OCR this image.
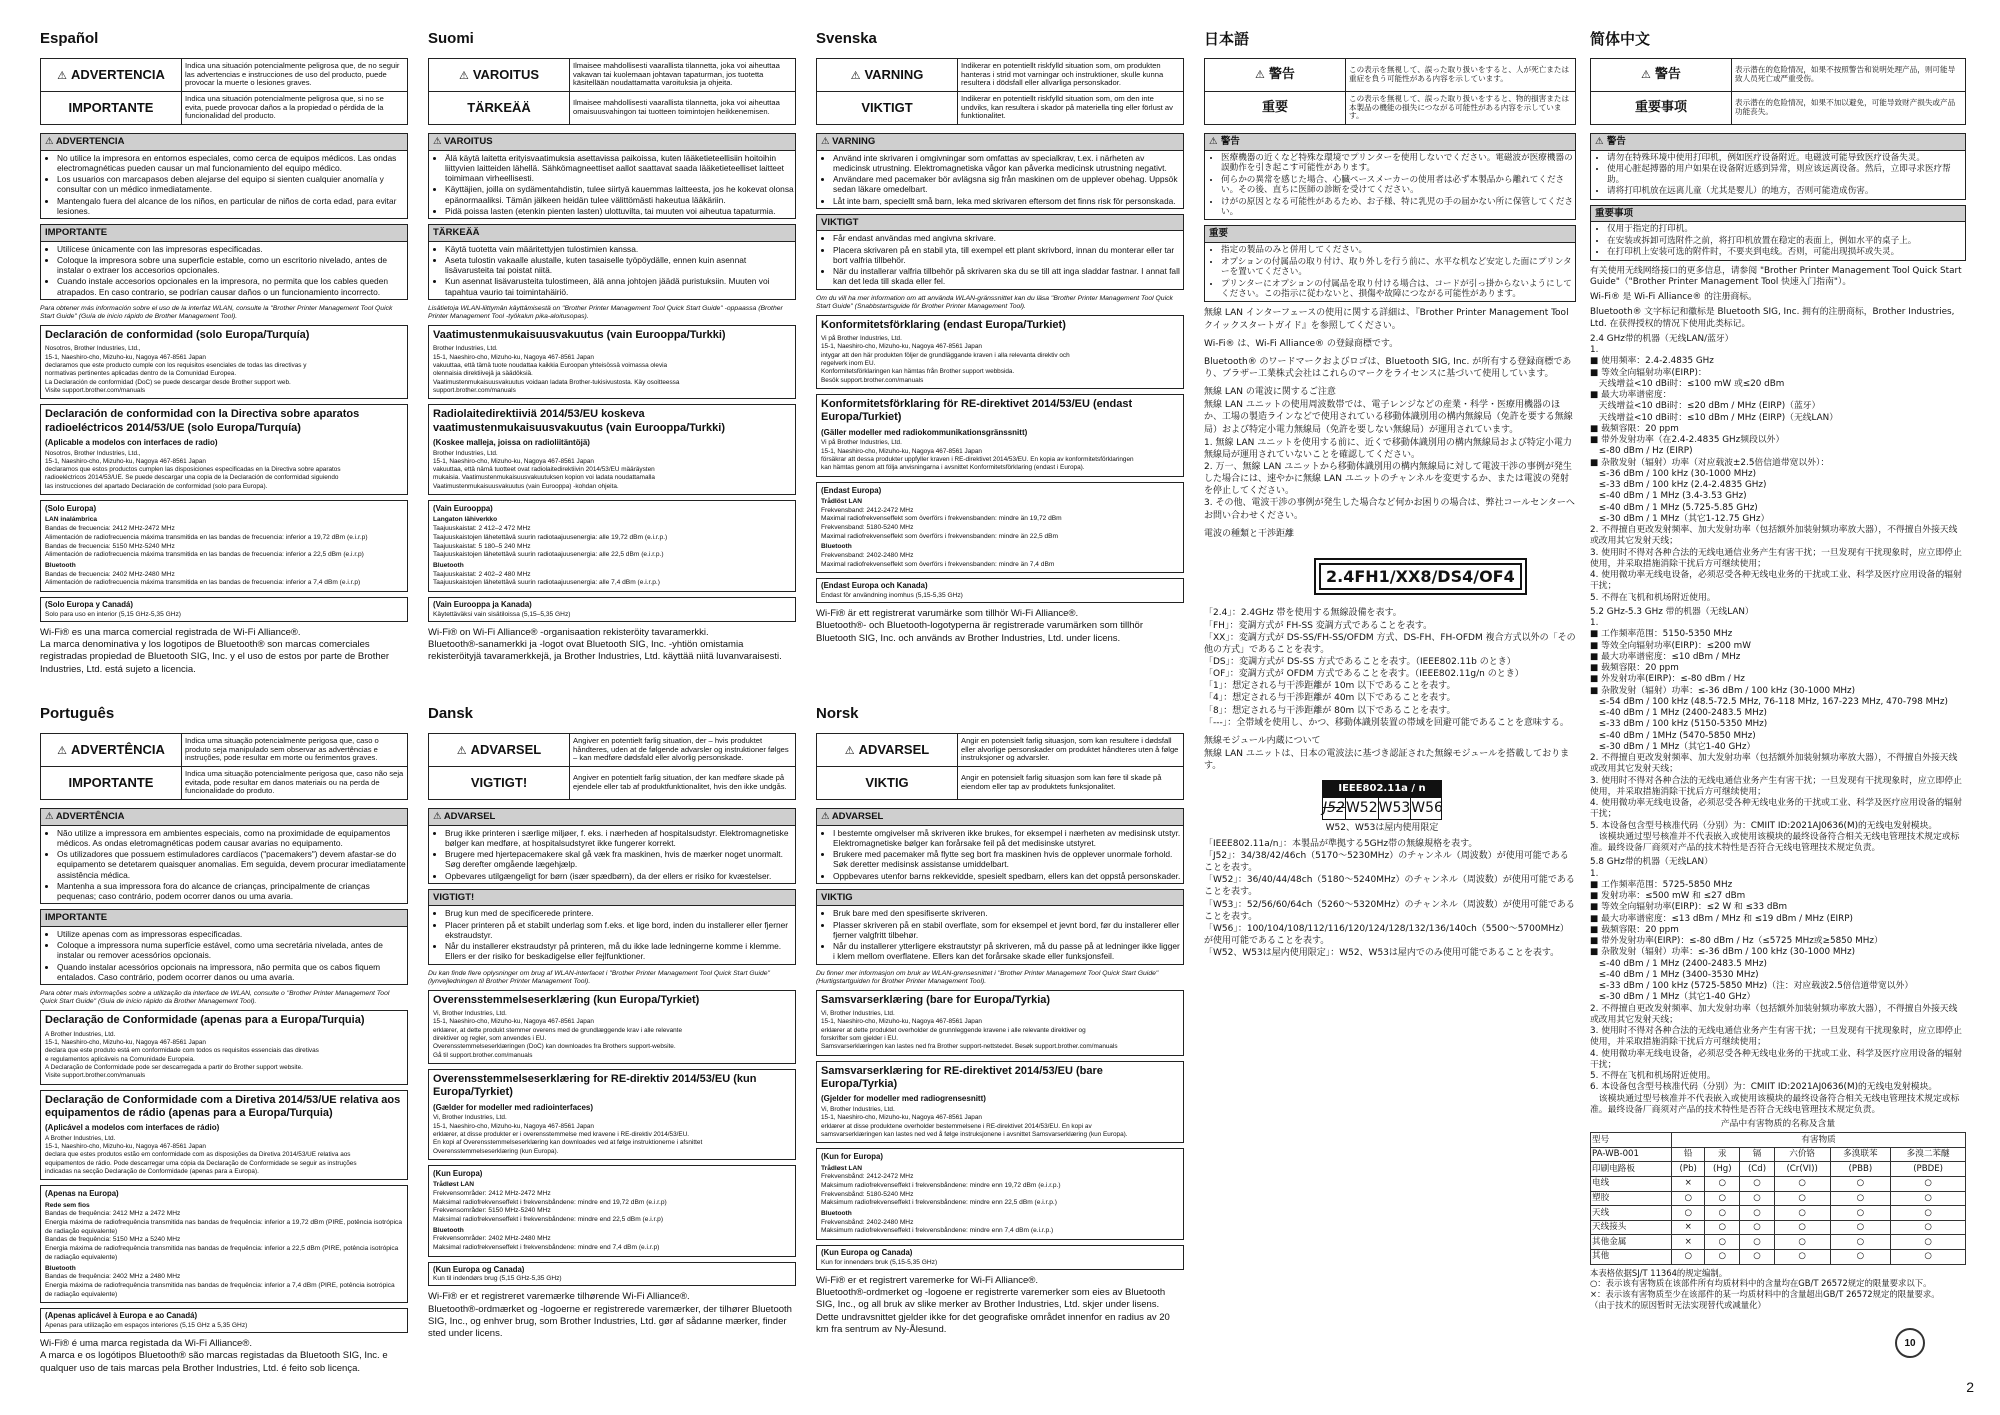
Español
⚠ ADVERTENCIA	Indica una situación potencialmente peligrosa que, de no seguir las advertencias e instrucciones de uso del producto, puede provocar la muerte o lesiones graves.
IMPORTANTE	Indica una situación potencialmente peligrosa que, si no se evita, puede provocar daños a la propiedad o pérdida de la funcionalidad del producto.
⚠ ADVERTENCIA
• No utilice la impresora en entornos especiales, como cerca de equipos médicos. Las ondas electromagnéticas pueden causar un mal funcionamiento del equipo médico.
• Los usuarios con marcapasos deben alejarse del equipo si sienten cualquier anomalía y consultar con un médico inmediatamente.
• Mantengalo fuera del alcance de los niños, en particular de niños de corta edad, para evitar lesiones.
IMPORTANTE
• Utilícese únicamente con las impresoras especificadas.
• Coloque la impresora sobre una superficie estable, como un escritorio nivelado, antes de instalar o extraer los accesorios opcionales.
• Cuando instale accesorios opcionales en la impresora, no permita que los cables queden atrapados. En caso contrario, se podrían causar daños o un funcionamiento incorrecto.
Para obtener más información sobre el uso de la interfaz WLAN, consulte la "Brother Printer Management Tool Quick Start Guide" (Guía de inicio rápido de Brother Management Tool).
Declaración de conformidad (solo Europa/Turquía)
Nosotros, Brother Industries, Ltd.,
15-1, Naeshiro-cho, Mizuho-ku, Nagoya 467-8561 Japan
declaramos que este producto cumple con los requisitos esenciales de todas las directivas y
normativas pertinentes aplicadas dentro de la Comunidad Europea.
La Declaración de conformidad (DoC) se puede descargar desde Brother support web.
Visite support.brother.com/manuals
Declaración de conformidad con la Directiva sobre aparatos radioeléctricos 2014/53/UE (solo Europa/Turquía)
(Aplicable a modelos con interfaces de radio)
Nosotros, Brother Industries, Ltd.,
15-1, Naeshiro-cho, Mizuho-ku, Nagoya 467-8561 Japan
declaramos que estos productos cumplen las disposiciones especificadas en la Directiva sobre aparatos
radioeléctricos 2014/53/UE. Se puede descargar una copia de la Declaración de conformidad siguiendo
las instrucciones del apartado Declaración de conformidad (solo para Europa).
(Solo Europa)
LAN inalámbrica
Bandas de frecuencia: 2412 MHz-2472 MHz
Alimentación de radiofrecuencia máxima transmitida en las bandas de frecuencia: inferior a 19,72 dBm (e.i.r.p)
Bandas de frecuencia: 5150 MHz-5240 MHz
Alimentación de radiofrecuencia máxima transmitida en las bandas de frecuencia: inferior a 22,5 dBm (e.i.r.p)
Bluetooth
Bandas de frecuencia: 2402 MHz-2480 MHz
Alimentación de radiofrecuencia máxima transmitida en las bandas de frecuencia: inferior a 7,4 dBm (e.i.r.p)
(Solo Europa y Canadá)
Solo para uso en interior (5,15 GHz-5,35 GHz)
Wi-Fi® es una marca comercial registrada de Wi-Fi Alliance®.
La marca denominativa y los logotipos de Bluetooth® son marcas comerciales registradas propiedad de Bluetooth SIG, Inc. y el uso de estos por parte de Brother Industries, Ltd. está sujeto a licencia.
Suomi
⚠ VAROITUS	Ilmaisee mahdollisesti vaarallista tilannetta, joka voi aiheuttaa vakavan tai kuolemaan johtavan tapaturman, jos tuotetta käsitellään noudattamatta varoituksia ja ohjeita.
TÄRKEÄÄ	Ilmaisee mahdollisesti vaarallista tilannetta, joka voi aiheuttaa omaisuusvahingon tai tuotteen toimintojen heikkenemisen.
⚠ VAROITUS
• Älä käytä laitetta erityisvaatimuksia asettavissa paikoissa, kuten lääketieteellisiin hoitoihin liittyvien laitteiden lähellä. Sähkömagneettiset aallot saattavat saada lääketieteelliset laitteet toimimaan virheellisesti.
• Käyttäjien, joilla on sydämentahdistin, tulee siirtyä kauemmas laitteesta, jos he kokevat olonsa epänormaaliksi. Tämän jälkeen heidän tulee välittömästi hakeutua lääkäriin.
• Pidä poissa lasten (etenkin pienten lasten) ulottuvilta, tai muuten voi aiheutua tapaturmia.
TÄRKEÄÄ
• Käytä tuotetta vain määritettyjen tulostimien kanssa.
• Aseta tulostin vakaalle alustalle, kuten tasaiselle työpöydälle, ennen kuin asennat lisävarusteita tai poistat niitä.
• Kun asennat lisävarusteita tulostimeen, älä anna johtojen jäädä puristuksiin. Muuten voi tapahtua vaurio tai toimintahäiriö.
Lisätietoja WLAN-liittymän käyttämisestä on "Brother Printer Management Tool Quick Start Guide" -oppaassa (Brother Printer Management Tool -työkalun pika-aloitusopas).
Vaatimustenmukaisuusvakuutus (vain Eurooppa/Turkki)
Brother Industries, Ltd.
15-1, Naeshiro-cho, Mizuho-ku, Nagoya 467-8561 Japan
vakuuttaa, että tämä tuote noudattaa kaikkia Euroopan yhteisössä voimassa olevia
olennaisia direktiivejä ja säädöksiä.
Vaatimustenmukaisuusvakuutus voidaan ladata Brother-tukisivustosta. Käy osoitteessa
support.brother.com/manuals
Radiolaitedirektiiviä 2014/53/EU koskeva vaatimustenmukaisuusvakuutus (vain Eurooppa/Turkki)
(Koskee malleja, joissa on radioliitäntöjä)
Brother Industries, Ltd.
15-1, Naeshiro-cho, Mizuho-ku, Nagoya 467-8561 Japan
vakuuttaa, että nämä tuotteet ovat radiolaitedirektiivin 2014/53/EU määräysten
mukaisia. Vaatimustenmukaisuusvakuutuksen kopion voi ladata noudattamalla
Vaatimustenmukaisuusvakuutus (vain Eurooppa) -kohdan ohjeita.
(Vain Eurooppa)
Langaton lähiverkko
Taajuuskaistat: 2 412–2 472 MHz
Taajuuskaistojen lähetettävä suurin radiotaajuusenergia: alle 19,72 dBm (e.i.r.p.)
Taajuuskaistat: 5 180–5 240 MHz
Taajuuskaistojen lähetettävä suurin radiotaajuusenergia: alle 22,5 dBm (e.i.r.p.)
Bluetooth
Taajuuskaistat: 2 402–2 480 MHz
Taajuuskaistojen lähetettävä suurin radiotaajuusenergia: alle 7,4 dBm (e.i.r.p.)
(Vain Eurooppa ja Kanada)
Käytettäväksi vain sisätiloissa (5,15–5,35 GHz)
Wi-Fi® on Wi-Fi Alliance® -organisaation rekisteröity tavaramerkki.
Bluetooth®-sanamerkki ja -logot ovat Bluetooth SIG, Inc. -yhtiön omistamia rekisteröityjä tavaramerkkejä, ja Brother Industries, Ltd. käyttää niitä luvanvaraisesti.
Svenska
⚠ VARNING	Indikerar en potentiellt riskfylld situation som, om produkten hanteras i strid mot varningar och instruktioner, skulle kunna resultera i dödsfall eller allvarliga personskador.
VIKTIGT	Indikerar en potentiellt riskfylld situation som, om den inte undviks, kan resultera i skador på materiella ting eller förlust av funktionalitet.
⚠ VARNING
• Använd inte skrivaren i omgivningar som omfattas av specialkrav, t.ex. i närheten av medicinsk utrustning. Elektromagnetiska vågor kan påverka medicinsk utrustning negativt.
• Användare med pacemaker bör avlägsna sig från maskinen om de upplever obehag. Uppsök sedan läkare omedelbart.
• Låt inte barn, speciellt små barn, leka med skrivaren eftersom det finns risk för personskada.
VIKTIGT
• Får endast användas med angivna skrivare.
• Placera skrivaren på en stabil yta, till exempel ett plant skrivbord, innan du monterar eller tar bort valfria tillbehör.
• När du installerar valfria tillbehör på skrivaren ska du se till att inga sladdar fastnar. I annat fall kan det leda till skada eller fel.
Om du vill ha mer information om att använda WLAN-gränssnittet kan du läsa "Brother Printer Management Tool Quick Start Guide" (Snabbstartsguide för Brother Printer Management Tool).
Konformitetsförklaring (endast Europa/Turkiet)
Vi på Brother Industries, Ltd.
15-1, Naeshiro-cho, Mizuho-ku, Nagoya 467-8561 Japan
intygar att den här produkten följer de grundläggande kraven i alla relevanta direktiv och
regelverk inom EU.
Konformitetsförklaringen kan hämtas från Brother support webbsida.
Besök support.brother.com/manuals
Konformitetsförklaring för RE-direktivet 2014/53/EU (endast Europa/Turkiet)
(Gäller modeller med radiokommunikationsgränssnitt)
Vi på Brother Industries, Ltd.
15-1, Naeshiro-cho, Mizuho-ku, Nagoya 467-8561 Japan
försäkrar att dessa produkter uppfyller kraven i RE-direktivet 2014/53/EU. En kopia av konformitetsförklaringen
kan hämtas genom att följa anvisningarna i avsnittet Konformitetsförklaring (endast i Europa).
(Endast Europa)
Trådlöst LAN
Frekvensband: 2412-2472 MHz
Maximal radiofrekvenseffekt som överförs i frekvensbanden: mindre än 19,72 dBm
Frekvensband: 5180-5240 MHz
Maximal radiofrekvenseffekt som överförs i frekvensbanden: mindre än 22,5 dBm
Bluetooth
Frekvensband: 2402-2480 MHz
Maximal radiofrekvenseffekt som överförs i frekvensbanden: mindre än 7,4 dBm
(Endast Europa och Kanada)
Endast för användning inomhus (5,15-5,35 GHz)
Wi-Fi® är ett registrerat varumärke som tillhör Wi-Fi Alliance®.
Bluetooth®- och Bluetooth-logotyperna är registrerade varumärken som tillhör Bluetooth SIG, Inc. och används av Brother Industries, Ltd. under licens.
Português
⚠ ADVERTÊNCIA	Indica uma situação potencialmente perigosa que, caso o produto seja manipulado sem observar as advertências e instruções, pode resultar em morte ou ferimentos graves.
IMPORTANTE	Indica uma situação potencialmente perigosa que, caso não seja evitada, pode resultar em danos materiais ou na perda de funcionalidade do produto.
⚠ ADVERTÊNCIA
• Não utilize a impressora em ambientes especiais, como na proximidade de equipamentos médicos. As ondas eletromagnéticas podem causar avarias no equipamento.
• Os utilizadores que possuem estimuladores cardíacos ("pacemakers") devem afastar-se do equipamento se detetarem quaisquer anomalias. Em seguida, devem procurar imediatamente assistência médica.
• Mantenha a sua impressora fora do alcance de crianças, principalmente de crianças pequenas; caso contrário, podem ocorrer danos ou uma avaria.
IMPORTANTE
• Utilize apenas com as impressoras especificadas.
• Coloque a impressora numa superfície estável, como uma secretária nivelada, antes de instalar ou remover acessórios opcionais.
• Quando instalar acessórios opcionais na impressora, não permita que os cabos fiquem entalados. Caso contrário, podem ocorrer danos ou uma avaria.
Para obter mais informações sobre a utilização da interface de WLAN, consulte o "Brother Printer Management Tool Quick Start Guide" (Guia de início rápido da Brother Management Tool).
Declaração de Conformidade (apenas para a Europa/Turquia)
A Brother Industries, Ltd.
15-1, Naeshiro-cho, Mizuho-ku, Nagoya 467-8561 Japan
declara que este produto está em conformidade com todos os requisitos essenciais das diretivas
e regulamentos aplicáveis na Comunidade Europeia.
A Declaração de Conformidade pode ser descarregada a partir do Brother support website.
Visite support.brother.com/manuals
Declaração de Conformidade com a Diretiva 2014/53/UE relativa aos equipamentos de rádio (apenas para a Europa/Turquia)
(Aplicável a modelos com interfaces de rádio)
A Brother Industries, Ltd.
15-1, Naeshiro-cho, Mizuho-ku, Nagoya 467-8561 Japan
declara que estes produtos estão em conformidade com as disposições da Diretiva 2014/53/UE relativa aos
equipamentos de rádio. Pode descarregar uma cópia da Declaração de Conformidade se seguir as instruções
indicadas na secção Declaração de Conformidade (apenas para a Europa).
(Apenas na Europa)
Rede sem fios
Bandas de frequência: 2412 MHz a 2472 MHz
Energia máxima de radiofrequência transmitida nas bandas de frequência: inferior a 19,72 dBm (PIRE, potência isotrópica de radiação equivalente)
Bandas de frequência: 5150 MHz a 5240 MHz
Energia máxima de radiofrequência transmitida nas bandas de frequência: inferior a 22,5 dBm (PIRE, potência isotrópica de radiação equivalente)
Bluetooth
Bandas de frequência: 2402 MHz a 2480 MHz
Energia máxima de radiofrequência transmitida nas bandas de frequência: inferior a 7,4 dBm (PIRE, potência isotrópica de radiação equivalente)
(Apenas aplicável à Europa e ao Canadá)
Apenas para utilização em espaços interiores (5,15 GHz a 5,35 GHz)
Wi-Fi® é uma marca registada da Wi-Fi Alliance®.
A marca e os logótipos Bluetooth® são marcas registadas da Bluetooth SIG, Inc. e qualquer uso de tais marcas pela Brother Industries, Ltd. é feito sob licença.
Dansk
⚠ ADVARSEL	Angiver en potentielt farlig situation, der – hvis produktet håndteres, uden at de følgende advarsler og instruktioner følges – kan medføre dødsfald eller alvorlig personskade.
VIGTIGT!	Angiver en potentielt farlig situation, der kan medføre skade på ejendele eller tab af produktfunktionalitet, hvis den ikke undgås.
⚠ ADVARSEL
• Brug ikke printeren i særlige miljøer, f. eks. i nærheden af hospitalsudstyr. Elektromagnetiske bølger kan medføre, at hospitalsudstyret ikke fungerer korrekt.
• Brugere med hjertepacemakere skal gå væk fra maskinen, hvis de mærker noget unormalt. Søg derefter omgående lægehjælp.
• Opbevares utilgængeligt for børn (især spædbørn), da der ellers er risiko for kvæstelser.
VIGTIGT!
• Brug kun med de specificerede printere.
• Placer printeren på et stabilt underlag som f.eks. et lige bord, inden du installerer eller fjerner ekstraudstyr.
• Når du installerer ekstraudstyr på printeren, må du ikke lade ledningerne komme i klemme. Ellers er der risiko for beskadigelse eller fejlfunktioner.
Du kan finde flere oplysninger om brug af WLAN-interfacet i "Brother Printer Management Tool Quick Start Guide" (lynvejledningen til Brother Printer Management Tool).
Overensstemmelseserklæring (kun Europa/Tyrkiet)
Vi, Brother Industries, Ltd.
15-1, Naeshiro-cho, Mizuho-ku, Nagoya 467-8561 Japan
erklærer, at dette produkt stemmer overens med de grundlæggende krav i alle relevante
direktiver og regler, som anvendes i EU.
Overensstemmelseserklæringen (DoC) kan downloades fra Brothers support-website.
Gå til support.brother.com/manuals
Overensstemmelseserklæring for RE-direktiv 2014/53/EU (kun Europa/Tyrkiet)
(Gælder for modeller med radiointerfaces)
Vi, Brother Industries, Ltd.
15-1, Naeshiro-cho, Mizuho-ku, Nagoya 467-8561 Japan
erklærer, at disse produkter er i overensstemmelse med kravene i RE-direktiv 2014/53/EU.
En kopi af Overensstemmelseserklæring kan downloades ved at følge instruktionerne i afsnittet
Overensstemmelseserklæring (kun Europa).
(Kun Europa)
Trådløst LAN
Frekvensområder: 2412 MHz-2472 MHz
Maksimal radiofrekvenseffekt i frekvensbåndene: mindre end 19,72 dBm (e.i.r.p)
Frekvensområder: 5150 MHz-5240 MHz
Maksimal radiofrekvenseffekt i frekvensbåndene: mindre end 22,5 dBm (e.i.r.p)
Bluetooth
Frekvensområder: 2402 MHz-2480 MHz
Maksimal radiofrekvenseffekt i frekvensbåndene: mindre end 7,4 dBm (e.i.r.p)
(Kun Europa og Canada)
Kun til indendørs brug (5,15 GHz-5,35 GHz)
Wi-Fi® er et registreret varemærke tilhørende Wi-Fi Alliance®.
Bluetooth®-ordmærket og -logoerne er registrerede varemærker, der tilhører Bluetooth SIG, Inc., og enhver brug, som Brother Industries, Ltd. gør af sådanne mærker, finder sted under licens.
Norsk
⚠ ADVARSEL	Angir en potensielt farlig situasjon, som kan resultere i dødsfall eller alvorlige personskader om produktet håndteres uten å følge instruksjoner og advarsler.
VIKTIG	Angir en potensielt farlig situasjon som kan føre til skade på eiendom eller tap av produktets funksjonalitet.
⚠ ADVARSEL
• I bestemte omgivelser må skriveren ikke brukes, for eksempel i nærheten av medisinsk utstyr. Elektromagnetiske bølger kan forårsake feil på det medisinske utstyret.
• Brukere med pacemaker må flytte seg bort fra maskinen hvis de opplever unormale forhold. Søk deretter medisinsk assistanse umiddelbart.
• Oppbevares utenfor barns rekkevidde, spesielt spedbarn, ellers kan det oppstå personskader.
VIKTIG
• Bruk bare med den spesifiserte skriveren.
• Plasser skriveren på en stabil overflate, som for eksempel et jevnt bord, før du installerer eller fjerner valgfritt tilbehør.
• Når du installerer ytterligere ekstrautstyr på skriveren, må du passe på at ledninger ikke ligger i klem mellom overflatene. Ellers kan det forårsake skade eller funksjonsfeil.
Du finner mer informasjon om bruk av WLAN-grensesnittet i "Brother Printer Management Tool Quick Start Guide" (Hurtigstartguiden for Brother Printer Management Tool).
Samsvarserklæring (bare for Europa/Tyrkia)
Vi, Brother Industries, Ltd.
15-1, Naeshiro-cho, Mizuho-ku, Nagoya 467-8561 Japan
erklærer at dette produktet overholder de grunnleggende kravene i alle relevante direktiver og
forskrifter som gjelder i EU.
Samsvarserklæringen kan lastes ned fra Brother support-nettstedet. Besøk support.brother.com/manuals
Samsvarserklæring for RE-direktivet 2014/53/EU (bare Europa/Tyrkia)
(Gjelder for modeller med radiogrensesnitt)
Vi, Brother Industries, Ltd.
15-1, Naeshiro-cho, Mizuho-ku, Nagoya 467-8561 Japan
erklærer at disse produktene overholder bestemmelsene i RE-direktivet 2014/53/EU. En kopi av
samsvarserklæringen kan lastes ned ved å følge instruksjonene i avsnittet Samsvarserklæring (kun Europa).
(Kun for Europa)
Trådløst LAN
Frekvensbånd: 2412-2472 MHz
Maksimum radiofrekvenseffekt i frekvensbåndene: mindre enn 19,72 dBm (e.i.r.p.)
Frekvensbånd: 5180-5240 MHz
Maksimum radiofrekvenseffekt i frekvensbåndene: mindre enn 22,5 dBm (e.i.r.p.)
Bluetooth
Frekvensbånd: 2402-2480 MHz
Maksimum radiofrekvenseffekt i frekvensbåndene: mindre enn 7,4 dBm (e.i.r.p.)
(Kun Europa og Canada)
Kun for innendørs bruk (5,15-5,35 GHz)
Wi-Fi® er et registrert varemerke for Wi-Fi Alliance®.
Bluetooth®-ordmerket og -logoene er registrerte varemerker som eies av Bluetooth SIG, Inc., og all bruk av slike merker av Brother Industries, Ltd. skjer under lisens. Dette undravsnittet gjelder ikke for det geografiske området innenfor en radius av 20 km fra sentrum av Ny-Ålesund.
日本語
⚠ 警告	この表示を無視して、誤った取り扱いをすると、人が死亡または重症を負う可能性がある内容を示しています。
重要	この表示を無視して、誤った取り扱いをすると、物的損害または本製品の機能の損失につながる可能性がある内容を示しています。
⚠ 警告
• 医療機器の近くなど特殊な環境でプリンターを使用しないでください。電磁波が医療機器の誤動作を引き起こす可能性があります。
• 何らかの異常を感じた場合、心臓ペースメーカーの使用者は必ず本製品から離れてください。その後、直ちに医師の診断を受けてください。
• けがの原因となる可能性があるため、お子様、特に乳児の手の届かない所に保管してください。
重要
• 指定の製品のみと併用してください。
• オプションの付属品の取り付け、取り外しを行う前に、水平な机など安定した面にプリンターを置いてください。
• プリンターにオプションの付属品を取り付ける場合は、コードが引っ掛からないようにしてください。この指示に従わないと、損傷や故障につながる可能性があります。

無線 LAN インターフェースの使用に関する詳細は、『Brother Printer Management Tool クイックスタートガイド』を参照してください。

Wi-Fi® は、Wi-Fi Alliance® の登録商標です。

Bluetooth® のワードマークおよびロゴは、Bluetooth SIG, Inc. が所有する登録商標であり、ブラザー工業株式会社はこれらのマークをライセンスに基づいて使用しています。

無線 LAN の電波に関するご注意

無線 LAN ユニットの使用周波数帯では、電子レンジなどの産業・科学・医療用機器のほか、工場の製造ラインなどで使用されている移動体識別用の構内無線局（免許を要する無線局）および特定小電力無線局（免許を要しない無線局）が運用されています。

1. 無線 LAN ユニットを使用する前に、近くで移動体識別用の構内無線局および特定小電力無線局が運用されていないことを確認してください。
2. 万一、無線 LAN ユニットから移動体識別用の構内無線局に対して電波干渉の事例が発生した場合には、速やかに無線 LAN ユニットのチャンネルを変更するか、または電波の発射を停止してください。
3. その他、電波干渉の事例が発生した場合など何かお困りの場合は、弊社コールセンターへお問い合わせください。

電波の種類と干渉距離

2.4FH1/XX8/DS4/OF4
「2.4」：2.4GHz 帯を使用する無線設備を表す。
「FH」：変調方式が FH-SS 変調方式であることを表す。
「XX」：変調方式が DS-SS/FH-SS/OFDM 方式、DS-FH、FH-OFDM 複合方式以外の「その他の方式」であることを表す。
「DS」：変調方式が DS-SS 方式であることを表す。（IEEE802.11b のとき）
「OF」：変調方式が OFDM 方式であることを表す。（IEEE802.11g/n のとき）
「1」：想定される与干渉距離が 10m 以下であることを表す。
「4」：想定される与干渉距離が 40m 以下であることを表す。
「8」：想定される与干渉距離が 80m 以下であることを表す。
「---」：全帯域を使用し、かつ、移動体識別装置の帯域を回避可能であることを意味する。

無線モジュール内蔵について

無線 LAN ユニットは、日本の電波法に基づき認証された無線モジュールを搭載しております。

IEEE802.11a / n
J52 W52 W53 W56
W52、W53は屋内使用限定
「IEEE802.11a/n」：本製品が準拠する5GHz帯の無線規格を表す。
「J52」：34/38/42/46ch（5170〜5230MHz）のチャンネル（周波数）が使用可能であることを表す。
「W52」：36/40/44/48ch（5180〜5240MHz）のチャンネル（周波数）が使用可能であることを表す。
「W53」：52/56/60/64ch（5260〜5320MHz）のチャンネル（周波数）が使用可能であることを表す。
「W56」：100/104/108/112/116/120/124/128/132/136/140ch（5500〜5700MHz）が使用可能であることを表す。
「W52、W53は屋内使用限定」：W52、W53は屋内でのみ使用可能であることを表す。
简体中文
⚠ 警告	表示潜在的危险情况，如果不按照警告和说明处理产品，则可能导致人员死亡或严重受伤。
重要事项	表示潜在的危险情况，如果不加以避免，可能导致财产损失或产品功能丧失。
⚠ 警告
• 请勿在特殊环境中使用打印机，例如医疗设备附近。电磁波可能导致医疗设备失灵。
• 使用心脏起搏器的用户如果在设备附近感到异常，则应该远离设备。然后，立即寻求医疗帮助。
• 请将打印机放在远离儿童（尤其是婴儿）的地方，否则可能造成伤害。
重要事项
• 仅用于指定的打印机。
• 在安装或拆卸可选附件之前，将打印机放置在稳定的表面上，例如水平的桌子上。
• 在打印机上安装可选的附件时，不要夹到电线。否则，可能出现损坏或失灵。
有关使用无线网络接口的更多信息，请参阅 "Brother Printer Management Tool Quick Start Guide"（"Brother Printer Management Tool 快速入门指南"）。
Wi-Fi® 是 Wi-Fi Alliance® 的注册商标。
Bluetooth® 文字标记和徽标是 Bluetooth SIG, Inc. 拥有的注册商标，Brother Industries, Ltd. 在获得授权的情况下使用此类标记。
2.4 GHz带的机器（无线LAN/蓝牙）
1.
■ 使用频率：2.4-2.4835 GHz
■ 等效全向辐射功率(EIRP)：
　天线增益<10 dBi时：≤100 mW 或≤20 dBm
■ 最大功率谱密度：
　天线增益<10 dBi时：≤20 dBm / MHz (EIRP)（蓝牙）
　天线增益<10 dBi时：≤10 dBm / MHz (EIRP)（无线LAN）
■ 载频容限：20 ppm
■ 带外发射功率（在2.4-2.4835 GHz频段以外）
　≤-80 dBm / Hz (EIRP)
■ 杂散发射（辐射）功率（对应载波±2.5倍信道带宽以外）：
　≤-36 dBm / 100 kHz (30-1000 MHz)
　≤-33 dBm / 100 kHz (2.4-2.4835 GHz)
　≤-40 dBm / 1 MHz (3.4-3.53 GHz)
　≤-40 dBm / 1 MHz (5.725-5.85 GHz)
　≤-30 dBm / 1 MHz（其它1-12.75 GHz）
2. 不得擅自更改发射频率、加大发射功率（包括额外加装射频功率放大器），不得擅自外接天线或改用其它发射天线；
3. 使用时不得对各种合法的无线电通信业务产生有害干扰；一旦发现有干扰现象时，应立即停止使用，并采取措施消除干扰后方可继续使用；
4. 使用微功率无线电设备，必须忍受各种无线电业务的干扰或工业、科学及医疗应用设备的辐射干扰；
5. 不得在飞机和机场附近使用。
5.2 GHz-5.3 GHz 带的机器（无线LAN）
1.
■ 工作频率范围：5150-5350 MHz
■ 等效全向辐射功率(EIRP)：≤200 mW
■ 最大功率谱密度：≤10 dBm / MHz
■ 载频容限：20 ppm
■ 外发射功率(EIRP)：≤-80 dBm / Hz
■ 杂散发射（辐射）功率：≤-36 dBm / 100 kHz (30-1000 MHz)
　≤-54 dBm / 100 kHz (48.5-72.5 MHz, 76-118 MHz, 167-223 MHz, 470-798 MHz)
　≤-40 dBm / 1 MHz (2400-2483.5 MHz)
　≤-33 dBm / 100 kHz (5150-5350 MHz)
　≤-40 dBm / 1MHz (5470-5850 MHz)
　≤-30 dBm / 1 MHz（其它1-40 GHz）
2. 不得擅自更改发射频率、加大发射功率（包括额外加装射频功率放大器），不得擅自外接天线或改用其它发射天线；
3. 使用时不得对各种合法的无线电通信业务产生有害干扰；一旦发现有干扰现象时，应立即停止使用，并采取措施消除干扰后方可继续使用；
4. 使用微功率无线电设备，必须忍受各种无线电业务的干扰或工业、科学及医疗应用设备的辐射干扰；
5. 本设备包含型号核准代码（分别）为：CMIIT ID:2021AJ0636(M)的无线电发射模块。
　该模块通过型号核准并不代表嵌入或使用该模块的最终设备符合相关无线电管理技术规定或标准。最终设备厂商须对产品的技术特性是否符合无线电管理技术规定负责。
5.8 GHz带的机器（无线LAN）
1.
■ 工作频率范围：5725-5850 MHz
■ 发射功率：≤500 mW 和 ≤27 dBm
■ 等效全向辐射功率(EIRP)：≤2 W 和 ≤33 dBm
■ 最大功率谱密度：≤13 dBm / MHz 和 ≤19 dBm / MHz (EIRP)
■ 载频容限：20 ppm
■ 带外发射功率(EIRP)：≤-80 dBm / Hz（≤5725 MHz或≥5850 MHz）
■ 杂散发射（辐射）功率：≤-36 dBm / 100 kHz (30-1000 MHz)
　≤-40 dBm / 1 MHz (2400-2483.5 MHz)
　≤-40 dBm / 1 MHz (3400-3530 MHz)
　≤-33 dBm / 100 kHz (5725-5850 MHz)（注：对应载波2.5倍信道带宽以外）
　≤-30 dBm / 1 MHz（其它1-40 GHz）
2. 不得擅自更改发射频率、加大发射功率（包括额外加装射频功率放大器），不得擅自外接天线或改用其它发射天线；
3. 使用时不得对各种合法的无线电通信业务产生有害干扰；一旦发现有干扰现象时，应立即停止使用，并采取措施消除干扰后方可继续使用；
4. 使用微功率无线电设备，必须忍受各种无线电业务的干扰或工业、科学及医疗应用设备的辐射干扰；
5. 不得在飞机和机场附近使用。
6. 本设备包含型号核准代码（分别）为：CMIIT ID:2021AJ0636(M)的无线电发射模块。
　该模块通过型号核准并不代表嵌入或使用该模块的最终设备符合相关无线电管理技术规定或标准。最终设备厂商须对产品的技术特性是否符合无线电管理技术规定负责。
产品中有害物质的名称及含量
型号	有害物质					
PA-WB-001	铅	汞	镉	六价铬	多溴联苯	多溴二苯醚
印刷电路板	(Pb)	(Hg)	(Cd)	(Cr(VI))	(PBB)	(PBDE)
电线	×	○	○	○	○	○
塑胶	○	○	○	○	○	○
天线	○	○	○	○	○	○
天线接头	×	○	○	○	○	○
其他金属	×	○	○	○	○	○
其他	○	○	○	○	○	○
本表格依据SJ/T 11364的规定编制。
○：表示该有害物质在该部件所有均质材料中的含量均在GB/T 26572规定的限量要求以下。
×：表示该有害物质至少在该部件的某一均质材料中的含量超出GB/T 26572规定的限量要求。
（由于技术的原因暂时无法实现替代或减量化）
10
2
